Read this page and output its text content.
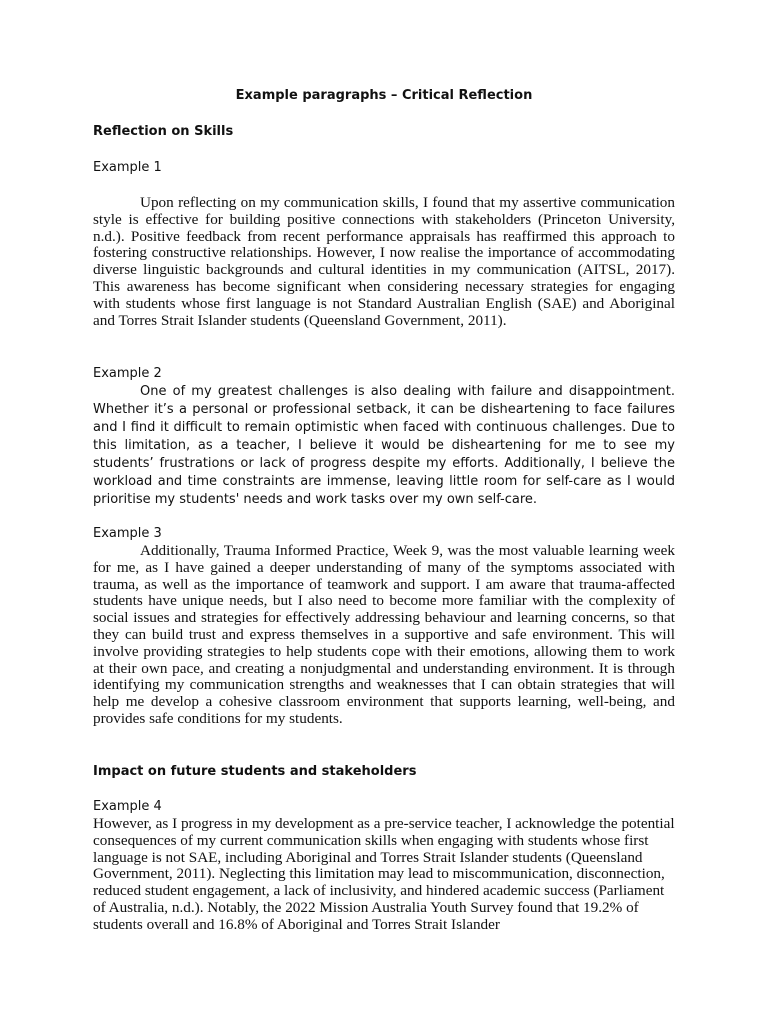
Example paragraphs – Critical Reflection
Reflection on Skills
Example 1
Upon reflecting on my communication skills, I found that my assertive communication style is effective for building positive connections with stakeholders (Princeton University, n.d.). Positive feedback from recent performance appraisals has reaffirmed this approach to fostering constructive relationships. However, I now realise the importance of accommodating diverse linguistic backgrounds and cultural identities in my communication (AITSL, 2017). This awareness has become significant when considering necessary strategies for engaging with students whose first language is not Standard Australian English (SAE) and Aboriginal and Torres Strait Islander students (Queensland Government, 2011).
Example 2
One of my greatest challenges is also dealing with failure and disappointment. Whether it’s a personal or professional setback, it can be disheartening to face failures and I find it difficult to remain optimistic when faced with continuous challenges. Due to this limitation, as a teacher, I believe it would be disheartening for me to see my students’ frustrations or lack of progress despite my efforts. Additionally, I believe the workload and time constraints are immense, leaving little room for self-care as I would prioritise my students' needs and work tasks over my own self-care.
Example 3
Additionally, Trauma Informed Practice, Week 9, was the most valuable learning week for me, as I have gained a deeper understanding of many of the symptoms associated with trauma, as well as the importance of teamwork and support. I am aware that trauma-affected students have unique needs, but I also need to become more familiar with the complexity of social issues and strategies for effectively addressing behaviour and learning concerns, so that they can build trust and express themselves in a supportive and safe environment. This will involve providing strategies to help students cope with their emotions, allowing them to work at their own pace, and creating a nonjudgmental and understanding environment. It is through identifying my communication strengths and weaknesses that I can obtain strategies that will help me develop a cohesive classroom environment that supports learning, well-being, and provides safe conditions for my students.
Impact on future students and stakeholders
Example 4
However, as I progress in my development as a pre-service teacher, I acknowledge the potential consequences of my current communication skills when engaging with students whose first language is not SAE, including Aboriginal and Torres Strait Islander students (Queensland Government, 2011). Neglecting this limitation may lead to miscommunication, disconnection, reduced student engagement, a lack of inclusivity, and hindered academic success (Parliament of Australia, n.d.). Notably, the 2022 Mission Australia Youth Survey found that 19.2% of students overall and 16.8% of Aboriginal and Torres Strait Islander
